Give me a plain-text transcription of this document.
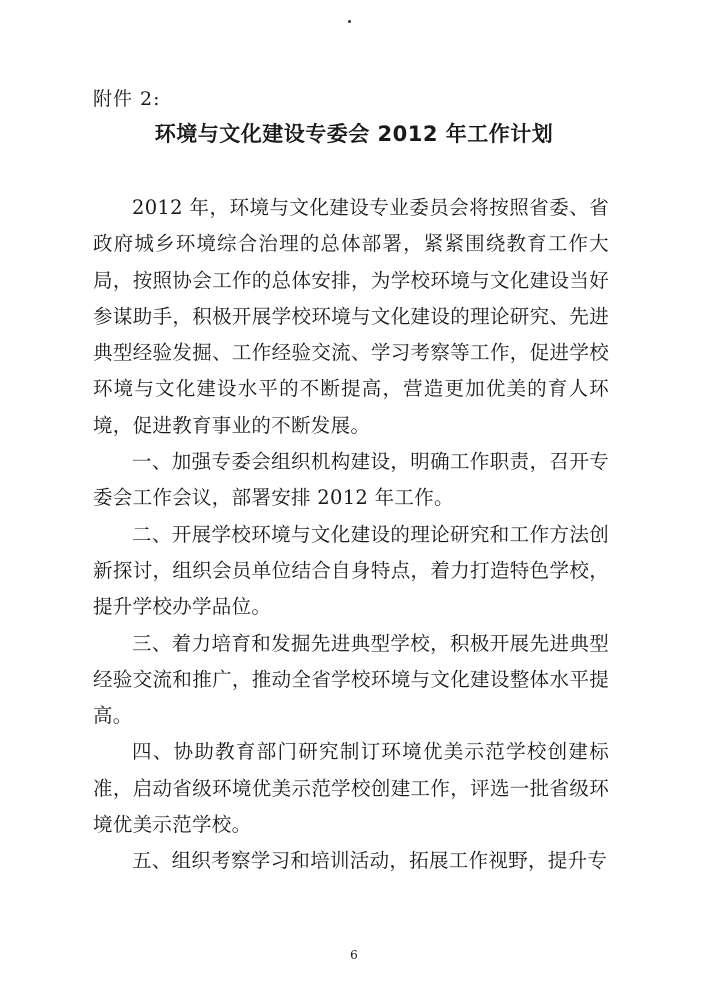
附件 2:
环境与文化建设专委会 2012 年工作计划

2012 年，环境与文化建设专业委员会将按照省委、省政府城乡环境综合治理的总体部署，紧紧围绕教育工作大局，按照协会工作的总体安排，为学校环境与文化建设当好参谋助手，积极开展学校环境与文化建设的理论研究、先进典型经验发掘、工作经验交流、学习考察等工作，促进学校环境与文化建设水平的不断提高，营造更加优美的育人环境，促进教育事业的不断发展。

一、加强专委会组织机构建设，明确工作职责，召开专委会工作会议，部署安排 2012 年工作。

二、开展学校环境与文化建设的理论研究和工作方法创新探讨，组织会员单位结合自身特点，着力打造特色学校，提升学校办学品位。

三、着力培育和发掘先进典型学校，积极开展先进典型经验交流和推广，推动全省学校环境与文化建设整体水平提高。

四、协助教育部门研究制订环境优美示范学校创建标准，启动省级环境优美示范学校创建工作，评选一批省级环境优美示范学校。

五、组织考察学习和培训活动，拓展工作视野，提升专

6
